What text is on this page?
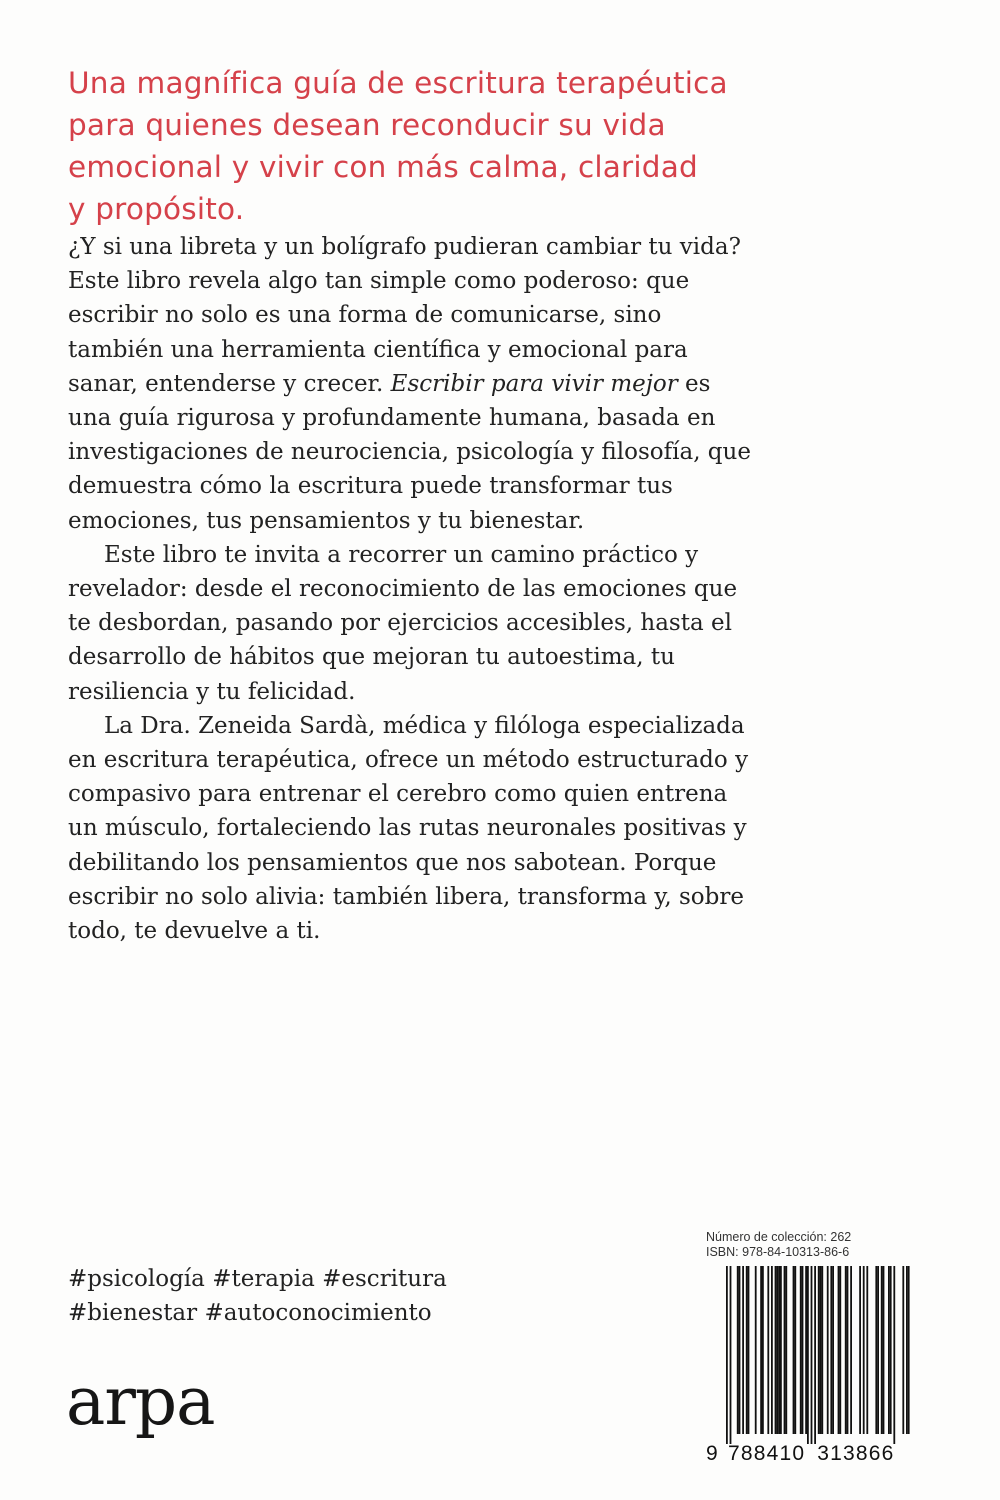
Una magnífica guía de escritura terapéutica
para quienes desean reconducir su vida
emocional y vivir con más calma, claridad
y propósito.

¿Y si una libreta y un bolígrafo pudieran cambiar tu vida? Este libro revela algo tan simple como poderoso: que escribir no solo es una forma de comunicarse, sino también una herramienta científica y emocional para sanar, entenderse y crecer. Escribir para vivir mejor es una guía rigurosa y profundamente humana, basada en investigaciones de neurociencia, psicología y filosofía, que demuestra cómo la escritura puede transformar tus emociones, tus pensamientos y tu bienestar.

Este libro te invita a recorrer un camino práctico y revelador: desde el reconocimiento de las emociones que te desbordan, pasando por ejercicios accesibles, hasta el desarrollo de hábitos que mejoran tu autoestima, tu resiliencia y tu felicidad.

La Dra. Zeneida Sardà, médica y filóloga especializada en escritura terapéutica, ofrece un método estructurado y compasivo para entrenar el cerebro como quien entrena un músculo, fortaleciendo las rutas neuronales positivas y debilitando los pensamientos que nos sabotean. Porque escribir no solo alivia: también libera, transforma y, sobre todo, te devuelve a ti.

#psicología #terapia #escritura
#bienestar #autoconocimiento
arpa
Número de colección: 262
ISBN: 978-84-10313-86-6
9 788410 313866
